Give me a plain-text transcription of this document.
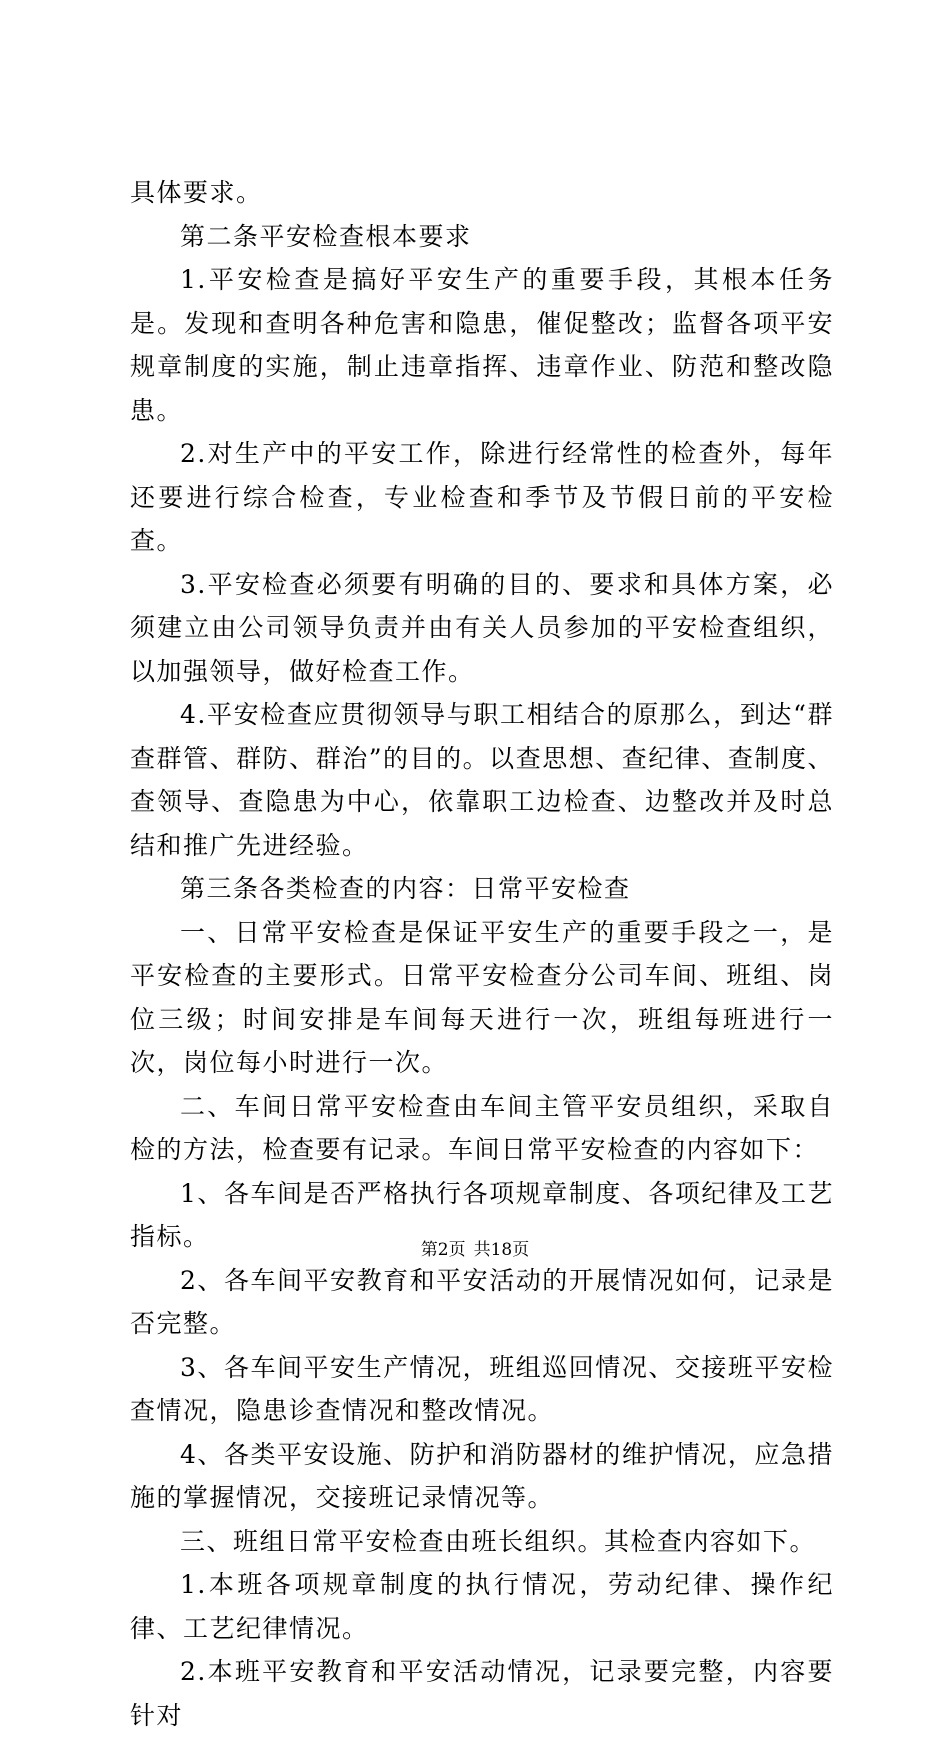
具体要求。

第二条平安检查根本要求

1.平安检查是搞好平安生产的重要手段，其根本任务是。发现和查明各种危害和隐患，催促整改；监督各项平安规章制度的实施，制止违章指挥、违章作业、防范和整改隐患。

2.对生产中的平安工作，除进行经常性的检查外，每年还要进行综合检查，专业检查和季节及节假日前的平安检查。

3.平安检查必须要有明确的目的、要求和具体方案，必须建立由公司领导负责并由有关人员参加的平安检查组织，以加强领导，做好检查工作。

4.平安检查应贯彻领导与职工相结合的原那么，到达“群查群管、群防、群治”的目的。以查思想、查纪律、查制度、查领导、查隐患为中心，依靠职工边检查、边整改并及时总结和推广先进经验。

第三条各类检查的内容：日常平安检查

一、日常平安检查是保证平安生产的重要手段之一，是平安检查的主要形式。日常平安检查分公司车间、班组、岗位三级；时间安排是车间每天进行一次，班组每班进行一次，岗位每小时进行一次。

二、车间日常平安检查由车间主管平安员组织，采取自检的方法，检查要有记录。车间日常平安检查的内容如下：

1、各车间是否严格执行各项规章制度、各项纪律及工艺指标。

2、各车间平安教育和平安活动的开展情况如何，记录是否完整。

3、各车间平安生产情况，班组巡回情况、交接班平安检查情况，隐患诊查情况和整改情况。

4、各类平安设施、防护和消防器材的维护情况，应急措施的掌握情况，交接班记录情况等。

三、班组日常平安检查由班长组织。其检查内容如下。

1.本班各项规章制度的执行情况，劳动纪律、操作纪律、工艺纪律情况。

2.本班平安教育和平安活动情况，记录要完整，内容要针对

第2页 共18页
